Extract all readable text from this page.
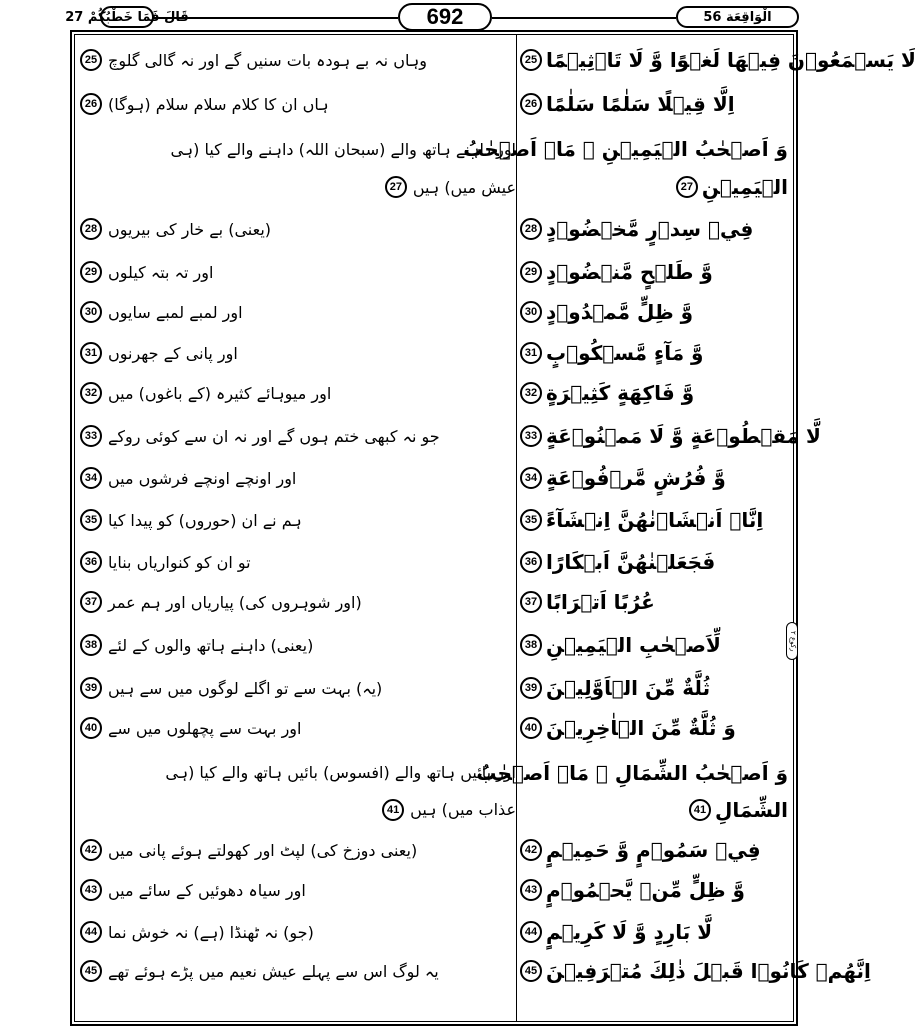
قَالَ فَمَا خَطْبُكُمْ 27	692	الْوَاقِعَة 56
ركوع ٢
وہاں نہ بے ہودہ بات سنیں گے اور نہ گالی گلوچ
25	لَا يَسۡمَعُوۡنَ فِيۡهَا لَغۡوًا وَّ لَا تَاۡثِيۡمًا
25
ہاں ان کا کلام سلام سلام (ہوگا)
26	اِلَّا قِيۡلًا سَلٰمًا سَلٰمًا
26
اور داہنے ہاتھ والے (سبحان اللہ) داہنے والے کیا (ہی
عیش میں) ہیں
27
وَ اَصۡحٰبُ الۡيَمِيۡنِ ۙ مَاۤ اَصۡحٰبُ
الۡيَمِيۡنِ
27
(یعنی) بے خار کی بیریوں
28	فِيۡ سِدۡرٍ مَّخۡضُوۡدٍ
28
اور تہ بتہ کیلوں
29	وَّ طَلۡحٍ مَّنۡضُوۡدٍ
29
اور لمبے لمبے سایوں
30	وَّ ظِلٍّ مَّمۡدُوۡدٍ
30
اور پانی کے جھرنوں
31	وَّ مَآءٍ مَّسۡكُوۡبٍ
31
اور میوہائے کثیرہ (کے باغوں) میں
32	وَّ فَاكِهَةٍ كَثِيۡرَةٍ
32
جو نہ کبھی ختم ہوں گے اور نہ ان سے کوئی روکے
33	لَّا مَقۡطُوۡعَةٍ وَّ لَا مَمۡنُوۡعَةٍ
33
اور اونچے اونچے فرشوں میں
34	وَّ فُرُشٍ مَّرۡفُوۡعَةٍ
34
ہم نے ان (حوروں) کو پیدا کیا
35	اِنَّاۤ اَنۡشَاۡنٰهُنَّ اِنۡشَآءً
35
تو ان کو کنواریاں بنایا
36	فَجَعَلۡنٰهُنَّ اَبۡكَارًا
36
(اور شوہروں کی) پیاریاں اور ہم عمر
37	عُرُبًا اَتۡرَابًا
37
(یعنی) داہنے ہاتھ والوں کے لئے
38	لِّاَصۡحٰبِ الۡيَمِيۡنِ
38
(یہ) بہت سے تو اگلے لوگوں میں سے ہیں
39	ثُلَّةٌ مِّنَ الۡاَوَّلِيۡنَ
39
اور بہت سے پچھلوں میں سے
40	وَ ثُلَّةٌ مِّنَ الۡاٰخِرِيۡنَ
40
اور بائیں ہاتھ والے (افسوس) بائیں ہاتھ والے کیا (ہی
عذاب میں) ہیں
41
وَ اَصۡحٰبُ الشِّمَالِ ۙ مَاۤ اَصۡحٰبُ
الشِّمَالِ
41
(یعنی دوزخ کی) لپٹ اور کھولتے ہوئے پانی میں
42	فِيۡ سَمُوۡمٍ وَّ حَمِيۡمٍ
42
اور سیاہ دھوئیں کے سائے میں
43	وَّ ظِلٍّ مِّنۡ يَّحۡمُوۡمٍ
43
(جو) نہ ٹھنڈا (ہے) نہ خوش نما
44	لَّا بَارِدٍ وَّ لَا كَرِيۡمٍ
44
یہ لوگ اس سے پہلے عیش نعیم میں پڑے ہوئے تھے
45	اِنَّهُمۡ كَانُوۡا قَبۡلَ ذٰلِكَ مُتۡرَفِيۡنَ
45
